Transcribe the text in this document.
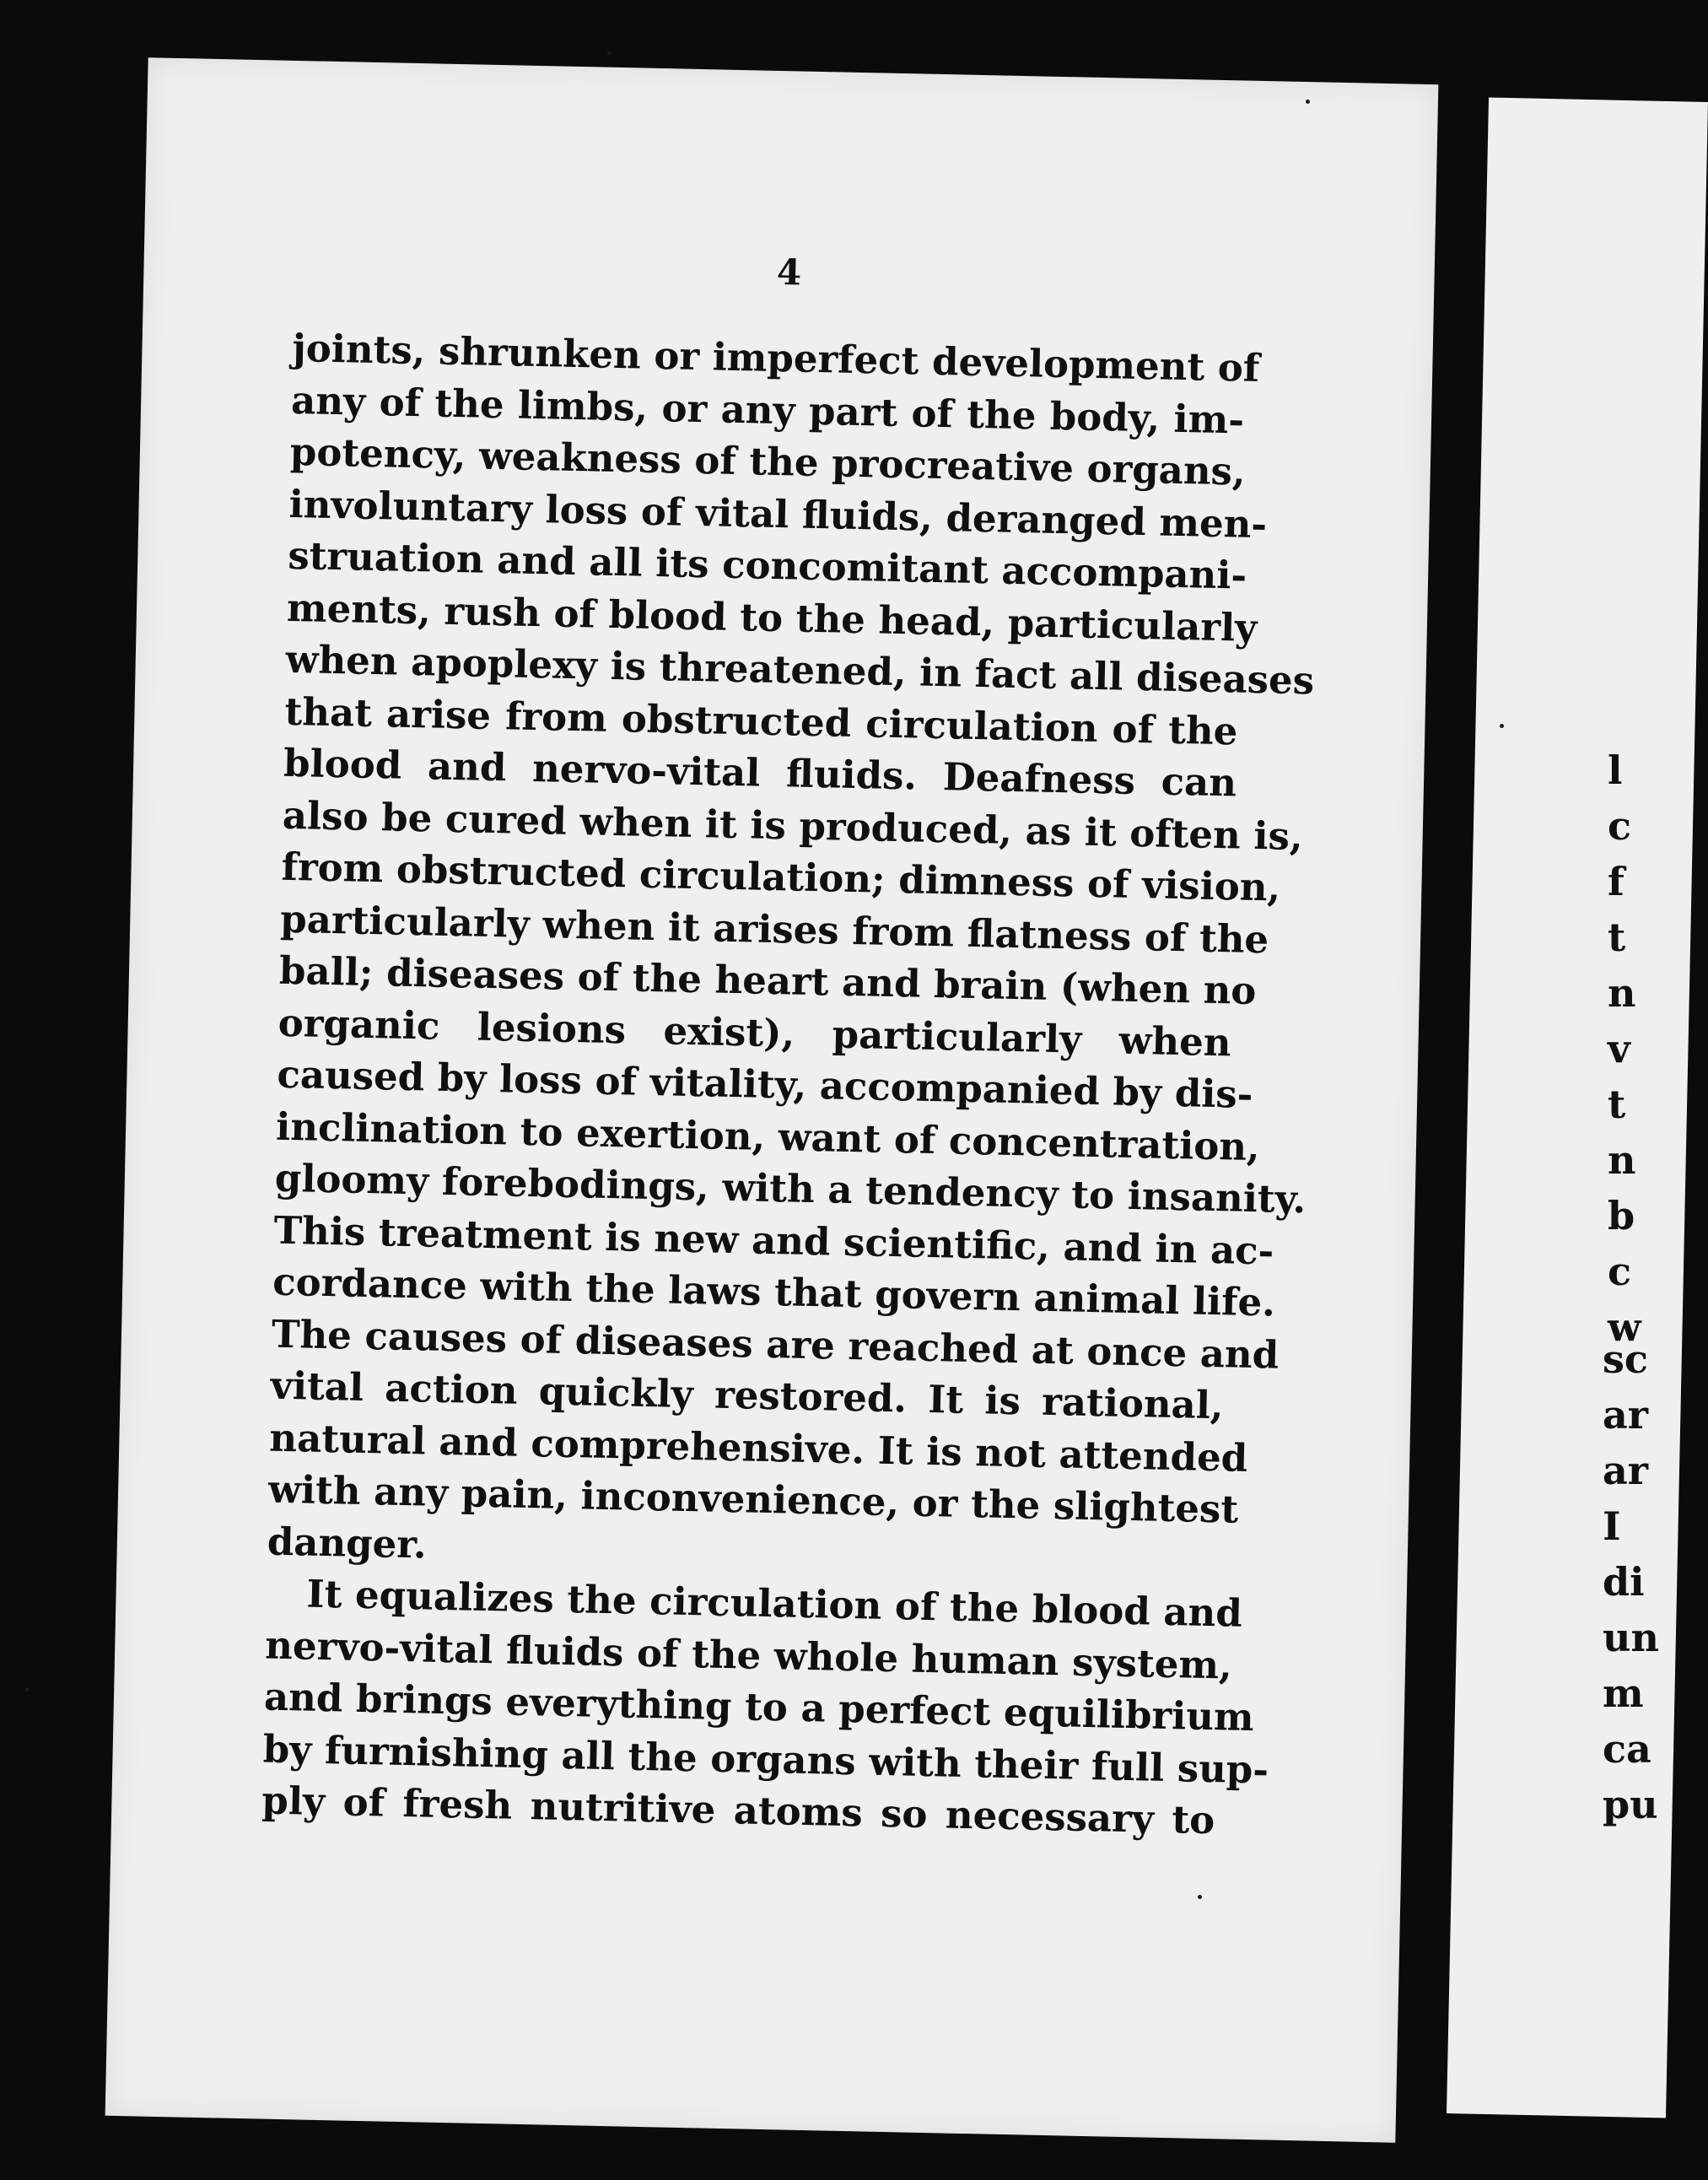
4
joints, shrunken or imperfect development of
any of the limbs, or any part of the body, im-
potency, weakness of the procreative organs,
involuntary loss of vital fluids, deranged men-
struation and all its concomitant accompani-
ments, rush of blood to the head, particularly
when apoplexy is threatened, in fact all diseases
that arise from obstructed circulation of the
blood and nervo-vital fluids. Deafness can
also be cured when it is produced, as it often is,
from obstructed circulation; dimness of vision,
particularly when it arises from flatness of the
ball; diseases of the heart and brain (when no
organic lesions exist), particularly when
caused by loss of vitality, accompanied by dis-
inclination to exertion, want of concentration,
gloomy forebodings, with a tendency to insanity.
This treatment is new and scientific, and in ac-
cordance with the laws that govern animal life.
The causes of diseases are reached at once and
vital action quickly restored. It is rational,
natural and comprehensive. It is not attended
with any pain, inconvenience, or the slightest
danger.
It equalizes the circulation of the blood and
nervo-vital fluids of the whole human system,
and brings everything to a perfect equilibrium
by furnishing all the organs with their full sup-
ply of fresh nutritive atoms so necessary to
l
c
f
t
n
v
t
n
b
c
w
sc
ar
ar
I
di
un
m
ca
pu
